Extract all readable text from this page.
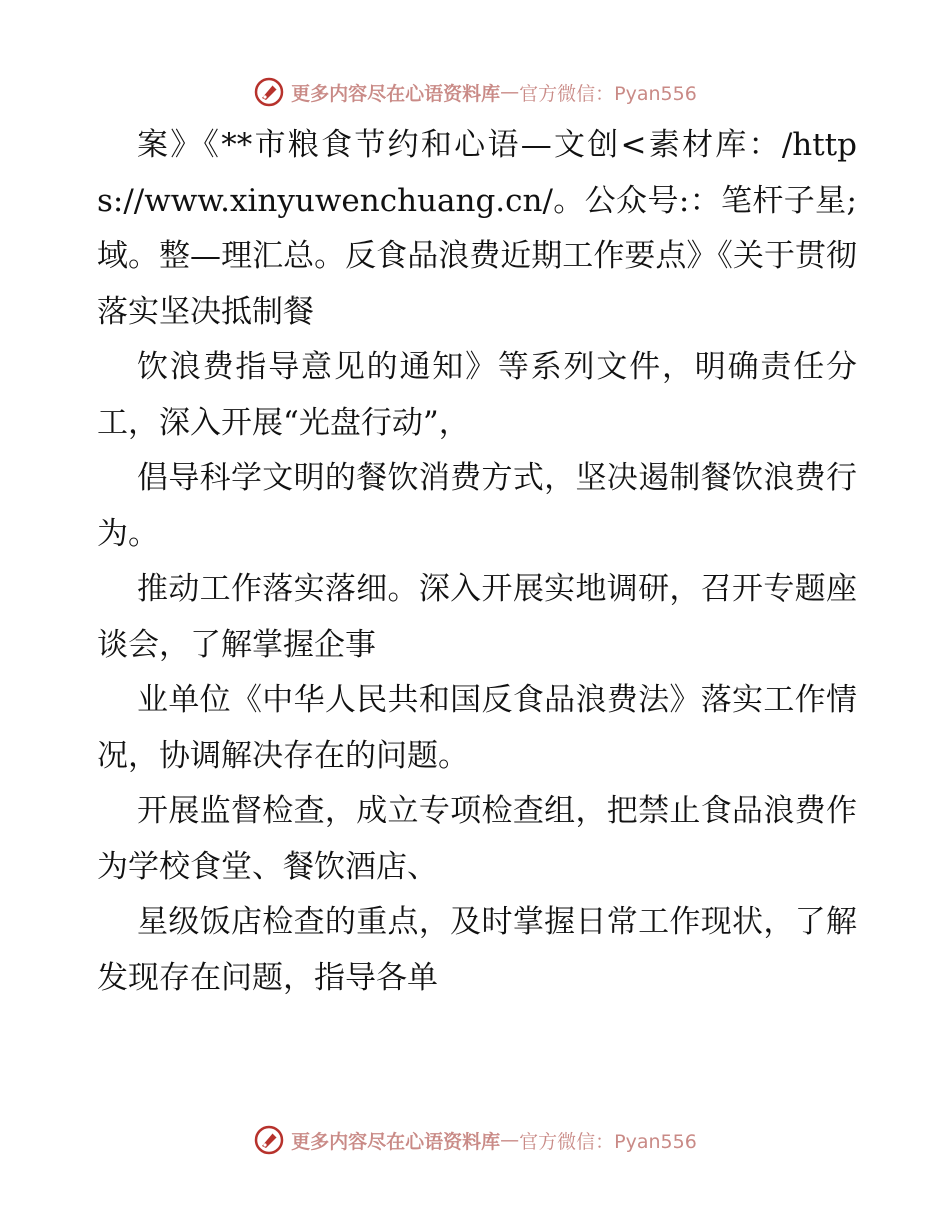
更多内容尽在心语资料库 — 官方微信：Pyan556

案》《**市粮食节约和心语—文创<素材库：/https://www.xinyuwenchuang.cn/。公众号:：笔杆子星;域。整—理汇总。反食品浪费近期工作要点》《关于贯彻落实坚决抵制餐

饮浪费指导意见的通知》等系列文件，明确责任分工，深入开展“光盘行动”，

倡导科学文明的餐饮消费方式，坚决遏制餐饮浪费行为。

推动工作落实落细。深入开展实地调研，召开专题座谈会，了解掌握企事

业单位《中华人民共和国反食品浪费法》落实工作情况，协调解决存在的问题。

开展监督检查，成立专项检查组，把禁止食品浪费作为学校食堂、餐饮酒店、

星级饭店检查的重点，及时掌握日常工作现状，了解发现存在问题，指导各单

更多内容尽在心语资料库 — 官方微信：Pyan556
